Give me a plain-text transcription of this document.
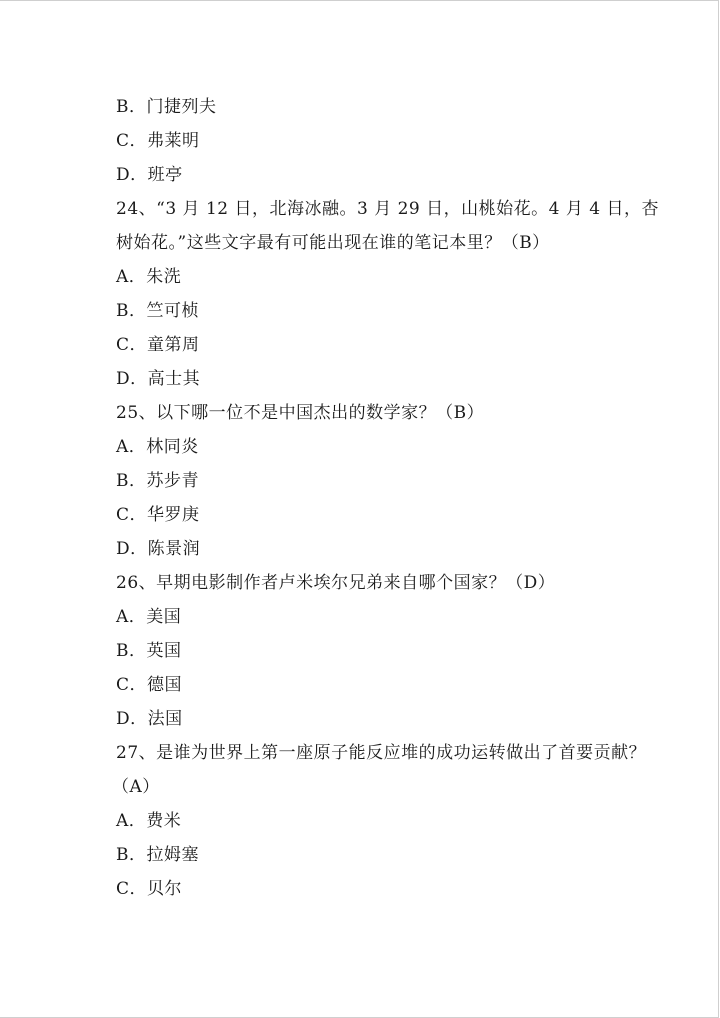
B．门捷列夫
C．弗莱明
D．班亭
24、“3 月 12 日，北海冰融。3 月 29 日，山桃始花。4 月 4 日，杏
树始花。”这些文字最有可能出现在谁的笔记本里？（B）
A．朱洗
B．竺可桢
C．童第周
D．高士其
25、以下哪一位不是中国杰出的数学家？（B）
A．林同炎
B．苏步青
C．华罗庚
D．陈景润
26、早期电影制作者卢米埃尔兄弟来自哪个国家？（D）
A．美国
B．英国
C．德国
D．法国
27、是谁为世界上第一座原子能反应堆的成功运转做出了首要贡献？
（A）
A．费米
B．拉姆塞
C．贝尔
